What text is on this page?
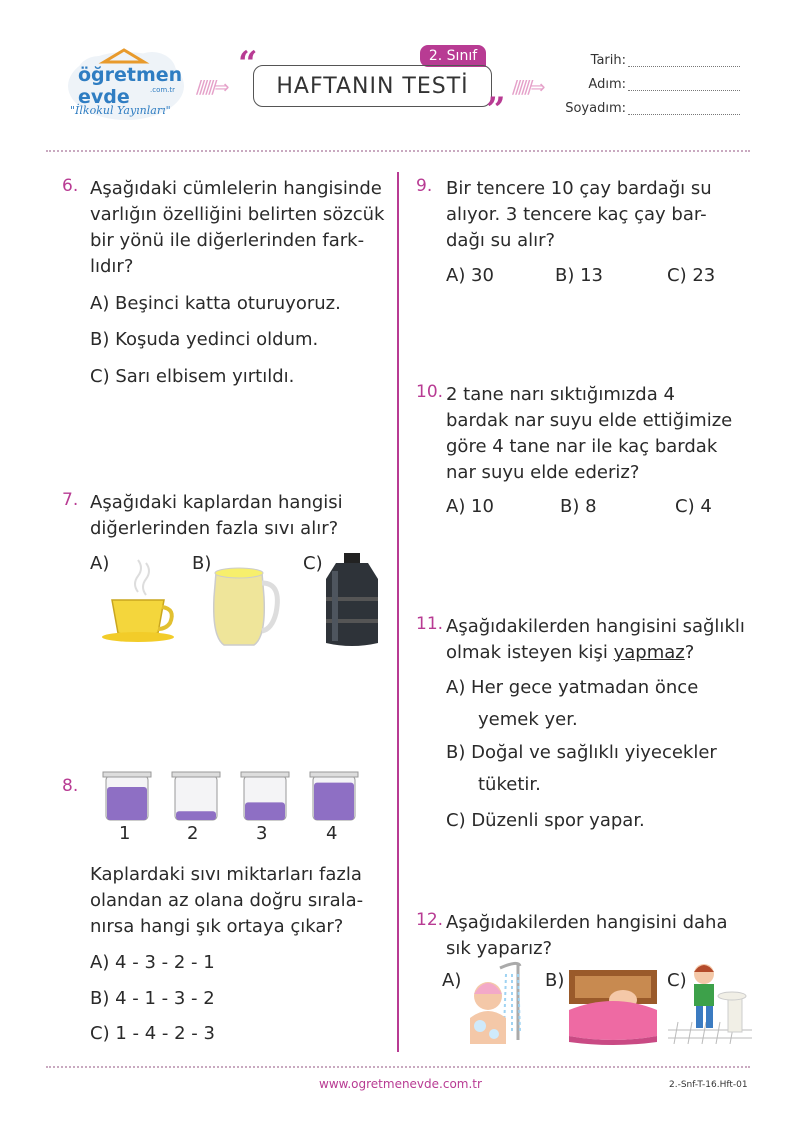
öğretmen evde	.com.tr
"İlkokul Yayınları"
//////⇒
“	2. Sınıf
HAFTANIN TESTİ
”
//////⇒
Tarih:
Adım:
Soyadım:
6. Aşağıdaki cümlelerin hangisinde
varlığın özelliğini belirten sözcük
bir yönü ile diğerlerinden fark-
lıdır?
A) Beşinci katta oturuyoruz.
B) Koşuda yedinci oldum.
C) Sarı elbisem yırtıldı.
7. Aşağıdaki kaplardan hangisi
diğerlerinden fazla sıvı alır?
A)	B)	C)
8.
1	2	3	4
Kaplardaki sıvı miktarları fazla
olandan az olana doğru sırala-
nırsa hangi şık ortaya çıkar?
A) 4 - 3 - 2 - 1
B) 4 - 1 - 3 - 2
C) 1 - 4 - 2 - 3
9. Bir tencere 10 çay bardağı su
alıyor. 3 tencere kaç çay bar-
dağı su alır?
A) 30	B) 13	C) 23
10. 2 tane narı sıktığımızda 4
bardak nar suyu elde ettiğimize
göre 4 tane nar ile kaç bardak
nar suyu elde ederiz?
A) 10	B) 8	C) 4
11. Aşağıdakilerden hangisini sağlıklı
olmak isteyen kişi yapmaz?
A) Her gece yatmadan önce
yemek yer.
B) Doğal ve sağlıklı yiyecekler
tüketir.
C) Düzenli spor yapar.
12. Aşağıdakilerden hangisini daha
sık yaparız?
A)	B)	C)
www.ogretmenevde.com.tr	2.-Snf-T-16.Hft-01
